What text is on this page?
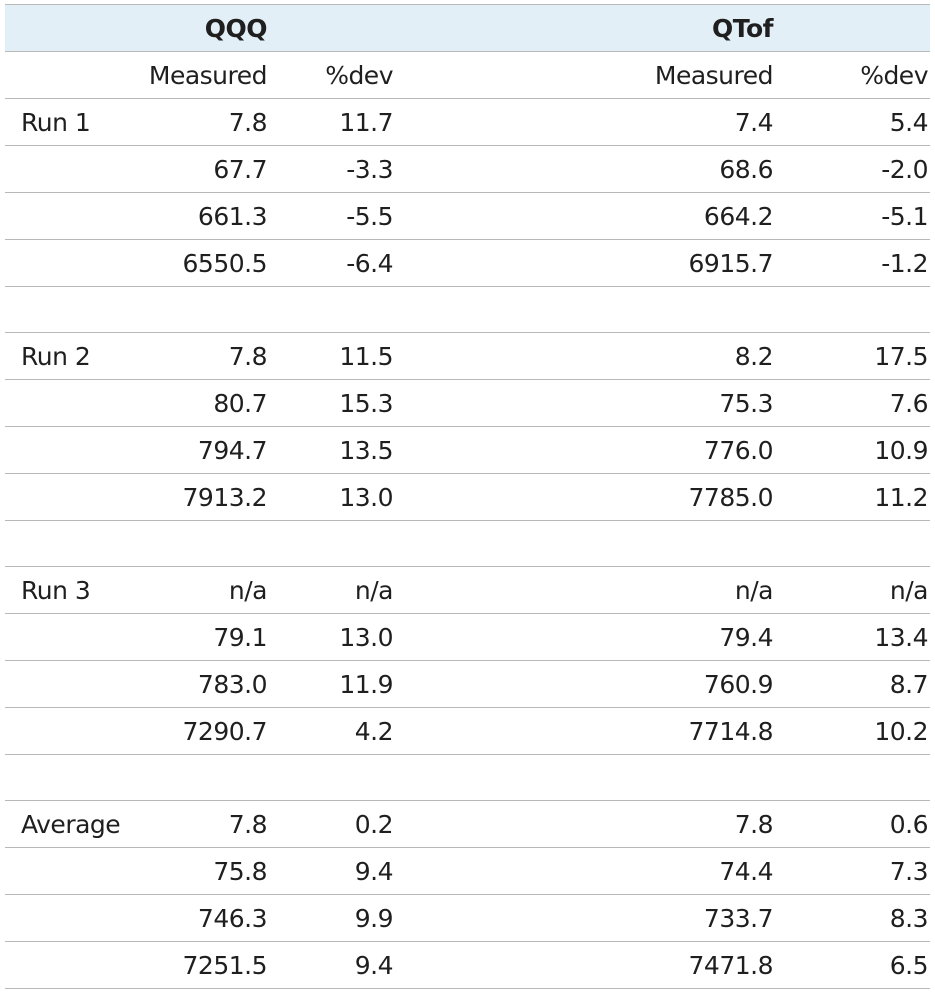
	QQQ		QTof	
	Measured	%dev	Measured	%dev
Run 1	7.8	11.7	7.4	5.4
	67.7	-3.3	68.6	-2.0
	661.3	-5.5	664.2	-5.1
	6550.5	-6.4	6915.7	-1.2

Run 2	7.8	11.5	8.2	17.5
	80.7	15.3	75.3	7.6
	794.7	13.5	776.0	10.9
	7913.2	13.0	7785.0	11.2

Run 3	n/a	n/a	n/a	n/a
	79.1	13.0	79.4	13.4
	783.0	11.9	760.9	8.7
	7290.7	4.2	7714.8	10.2

Average	7.8	0.2	7.8	0.6
	75.8	9.4	74.4	7.3
	746.3	9.9	733.7	8.3
	7251.5	9.4	7471.8	6.5
